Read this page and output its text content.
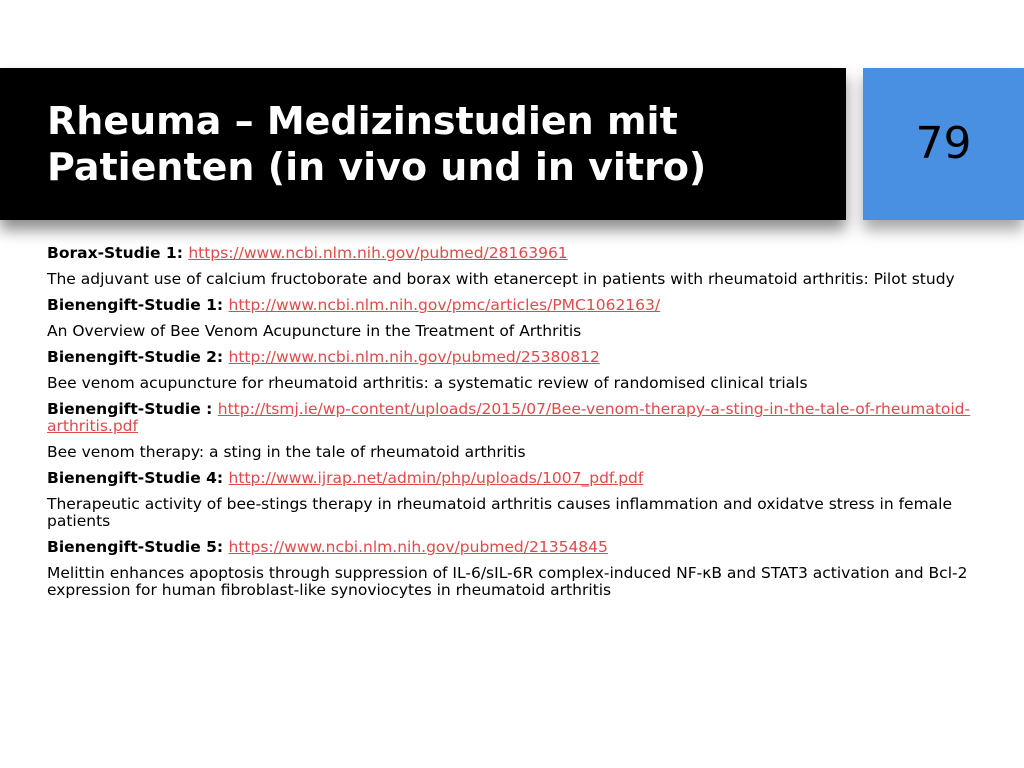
Rheuma – Medizinstudien mit Patienten (in vivo und in vitro)	79

Borax-Studie 1: https://www.ncbi.nlm.nih.gov/pubmed/28163961

The adjuvant use of calcium fructoborate and borax with etanercept in patients with rheumatoid arthritis: Pilot study

Bienengift-Studie 1: http://www.ncbi.nlm.nih.gov/pmc/articles/PMC1062163/

An Overview of Bee Venom Acupuncture in the Treatment of Arthritis

Bienengift-Studie 2: http://www.ncbi.nlm.nih.gov/pubmed/25380812

Bee venom acupuncture for rheumatoid arthritis: a systematic review of randomised clinical trials

Bienengift-Studie : http://tsmj.ie/wp-content/uploads/2015/07/Bee-venom-therapy-a-sting-in-the-tale-of-rheumatoid-arthritis.pdf

Bee venom therapy: a sting in the tale of rheumatoid arthritis

Bienengift-Studie 4: http://www.ijrap.net/admin/php/uploads/1007_pdf.pdf

Therapeutic activity of bee-stings therapy in rheumatoid arthritis causes inflammation and oxidatve stress in female patients

Bienengift-Studie 5: https://www.ncbi.nlm.nih.gov/pubmed/21354845

Melittin enhances apoptosis through suppression of IL-6/sIL-6R complex-induced NF-κB and STAT3 activation and Bcl-2 expression for human fibroblast-like synoviocytes in rheumatoid arthritis
